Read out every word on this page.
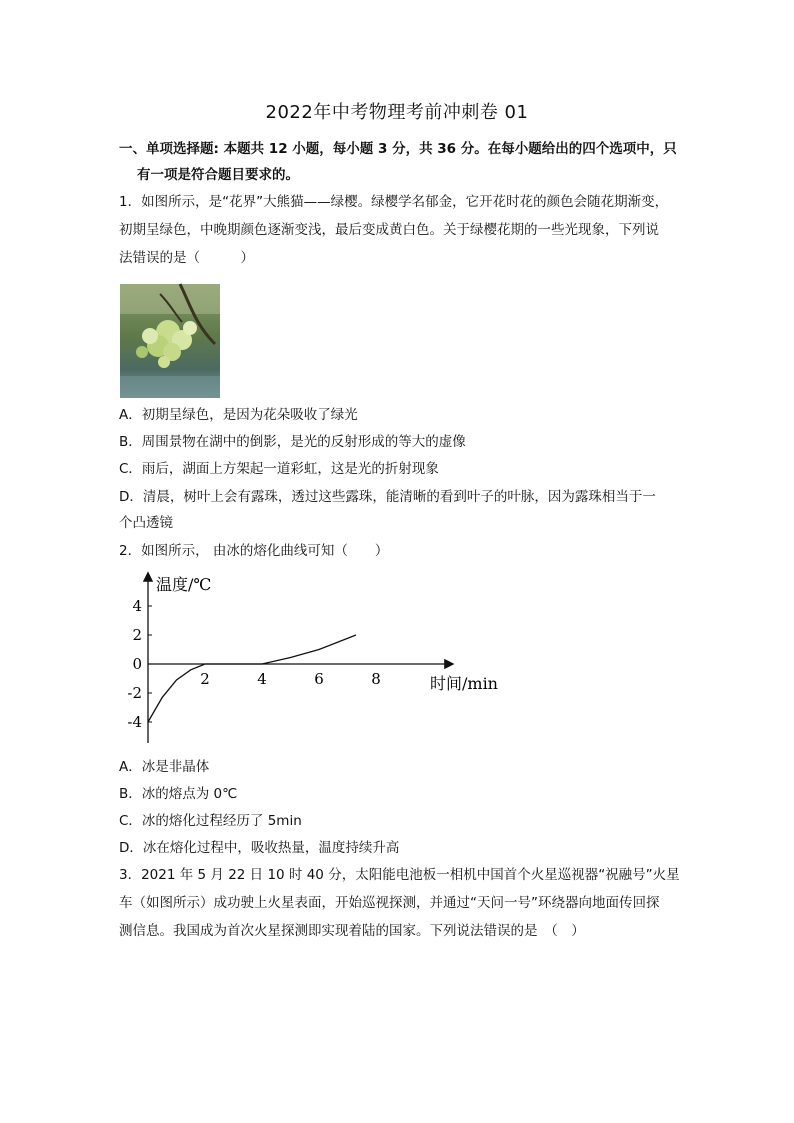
2022年中考物理考前冲刺卷 01
一、单项选择题: 本题共 12 小题，每小题 3 分，共 36 分。在每小题给出的四个选项中，只
有一项是符合题目要求的。
1．如图所示，是“花界”大熊猫——绿樱。绿樱学名郁金，它开花时花的颜色会随花期渐变，
初期呈绿色，中晚期颜色逐渐变浅，最后变成黄白色。关于绿樱花期的一些光现象，下列说
法错误的是（　　　）
A．初期呈绿色，是因为花朵吸收了绿光
B．周围景物在湖中的倒影，是光的反射形成的等大的虚像
C．雨后，湖面上方架起一道彩虹，这是光的折射现象
D．清晨，树叶上会有露珠，透过这些露珠，能清晰的看到叶子的叶脉，因为露珠相当于一
个凸透镜
2．如图所示， 由冰的熔化曲线可知（　　）
温度/℃
时间/min
4
2
0
-2
-4
2	4	6	8
A．冰是非晶体
B．冰的熔点为 0℃
C．冰的熔化过程经历了 5min
D．冰在熔化过程中，吸收热量，温度持续升高
3．2021 年 5 月 22 日 10 时 40 分，太阳能电池板一相机中国首个火星巡视器“祝融号”火星
车（如图所示）成功驶上火星表面，开始巡视探测，并通过“天问一号”环绕器向地面传回探
测信息。我国成为首次火星探测即实现着陆的国家。下列说法错误的是　（　）
